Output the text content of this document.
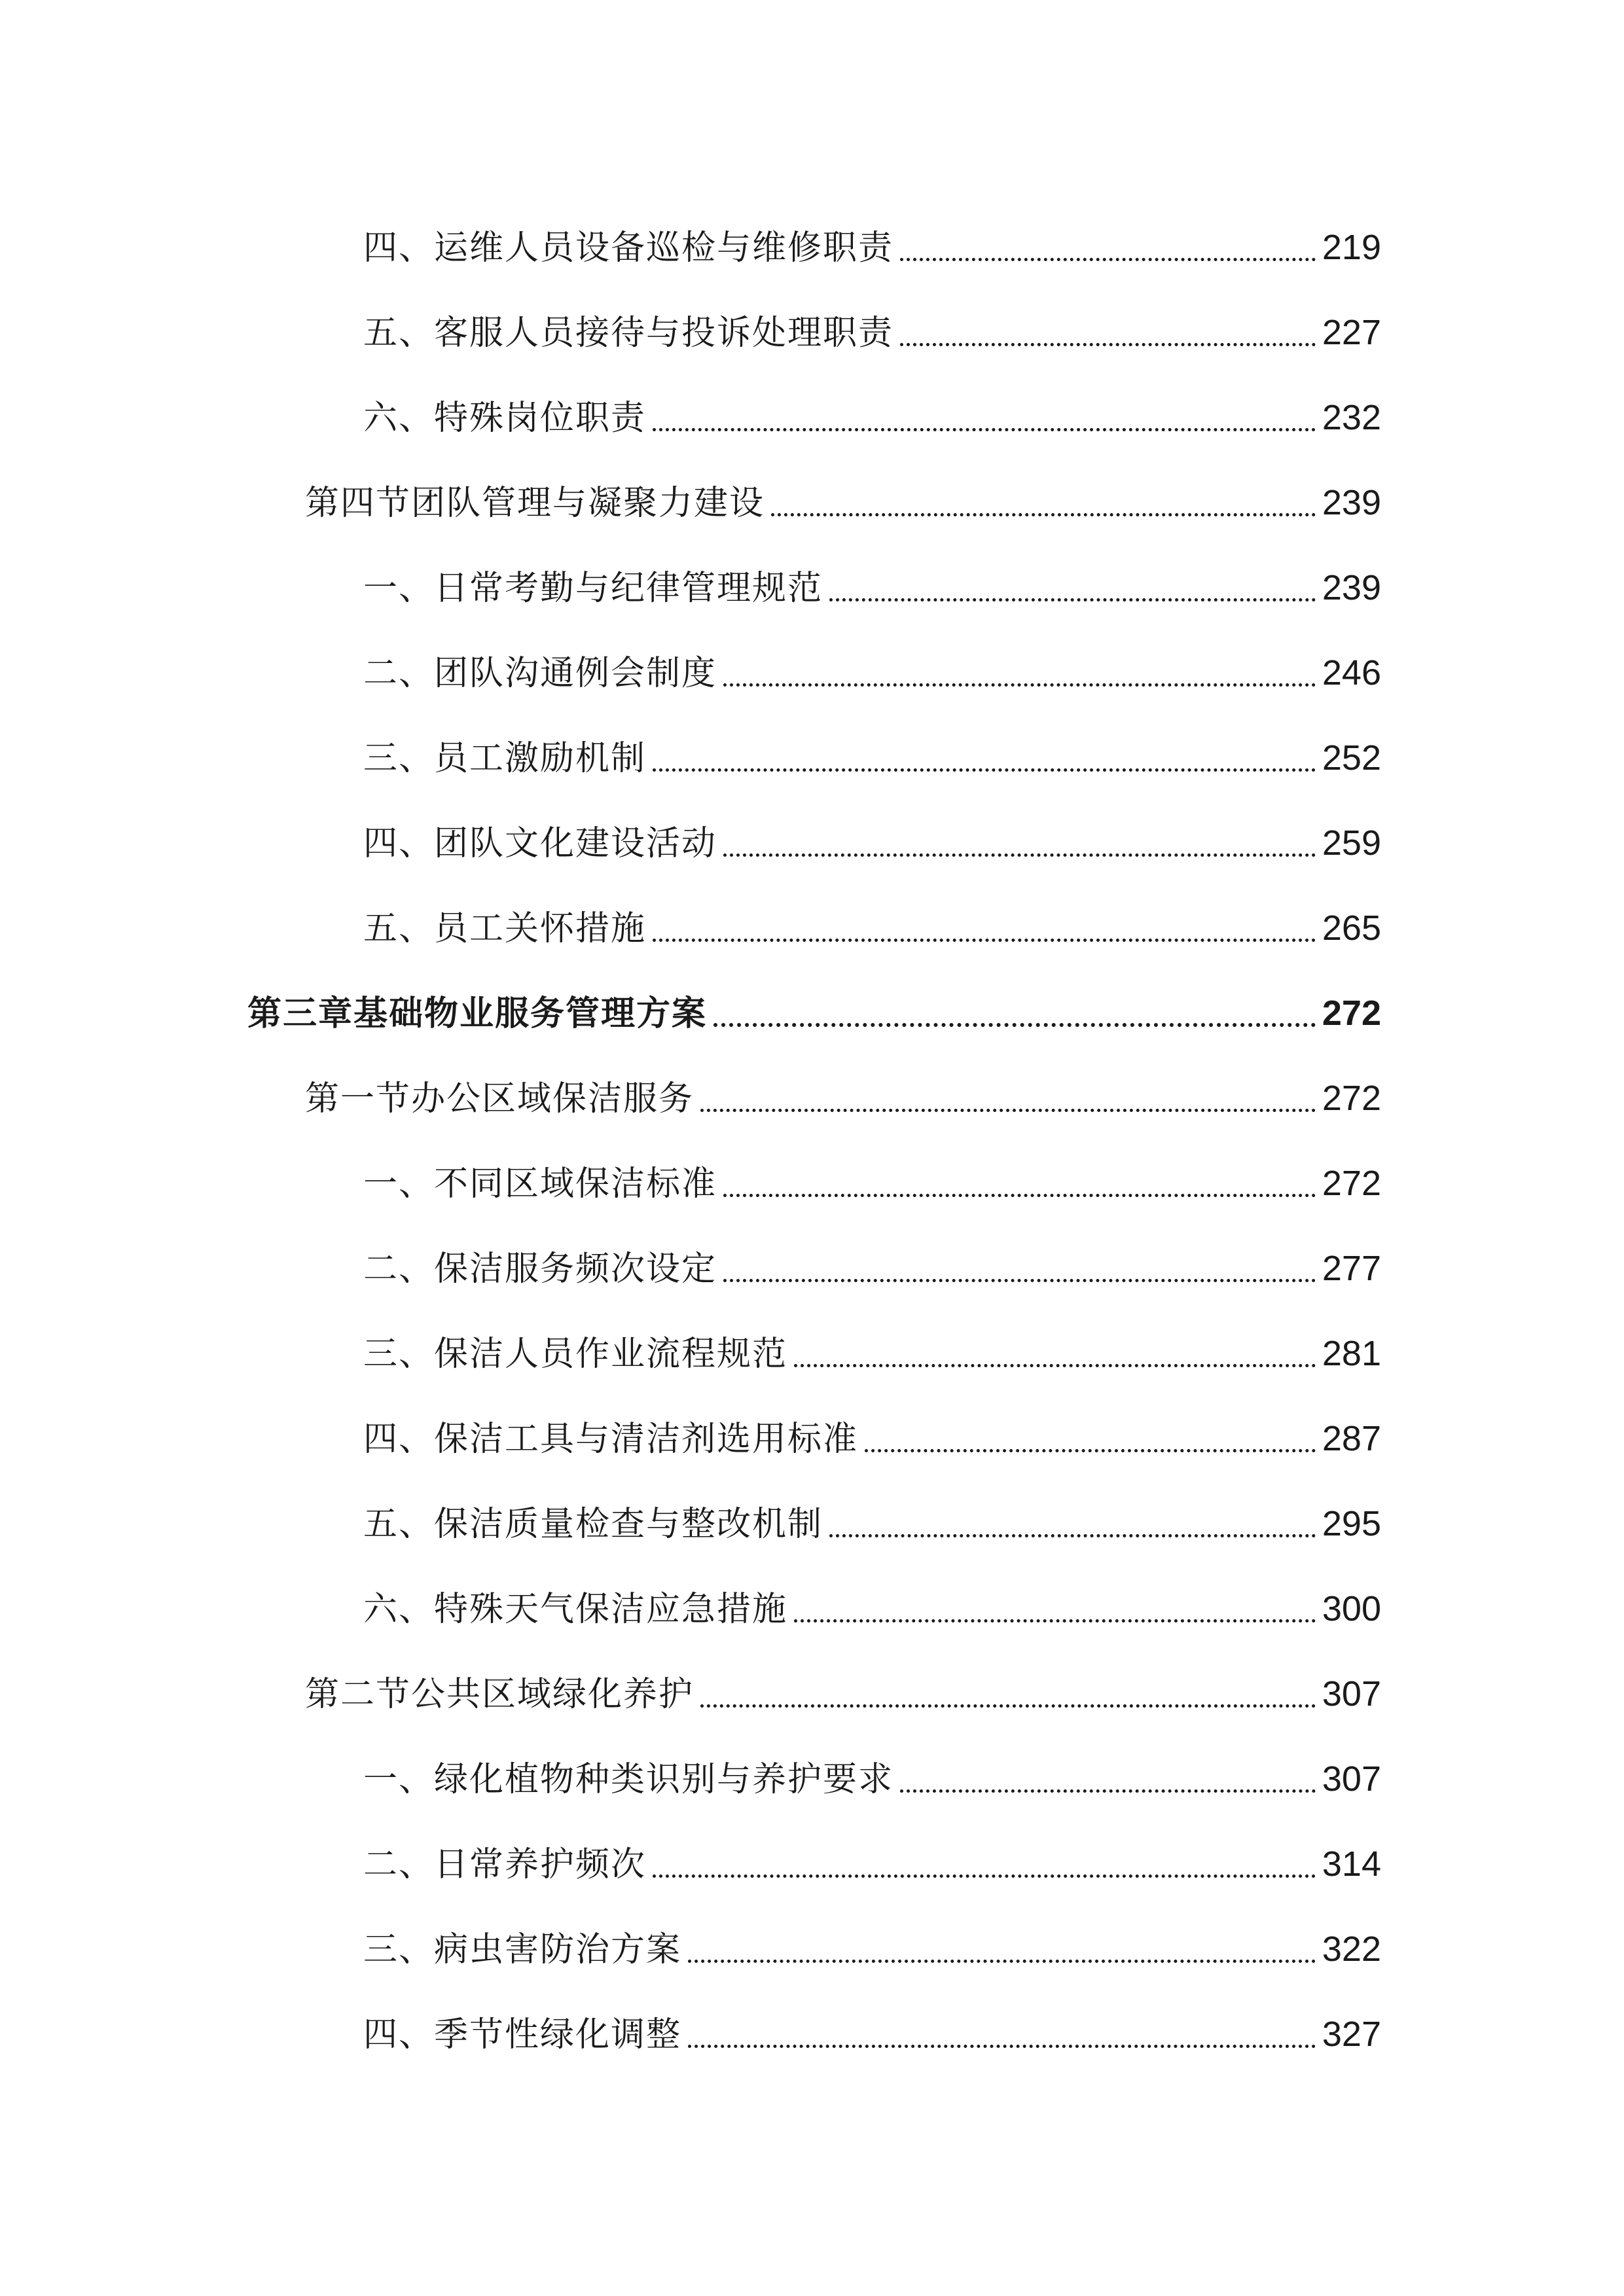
四、运维人员设备巡检与维修职责	219
五、客服人员接待与投诉处理职责	227
六、特殊岗位职责	232
第四节团队管理与凝聚力建设	239
一、日常考勤与纪律管理规范	239
二、团队沟通例会制度	246
三、员工激励机制	252
四、团队文化建设活动	259
五、员工关怀措施	265
第三章基础物业服务管理方案	272
第一节办公区域保洁服务	272
一、不同区域保洁标准	272
二、保洁服务频次设定	277
三、保洁人员作业流程规范	281
四、保洁工具与清洁剂选用标准	287
五、保洁质量检查与整改机制	295
六、特殊天气保洁应急措施	300
第二节公共区域绿化养护	307
一、绿化植物种类识别与养护要求	307
二、日常养护频次	314
三、病虫害防治方案	322
四、季节性绿化调整	327
